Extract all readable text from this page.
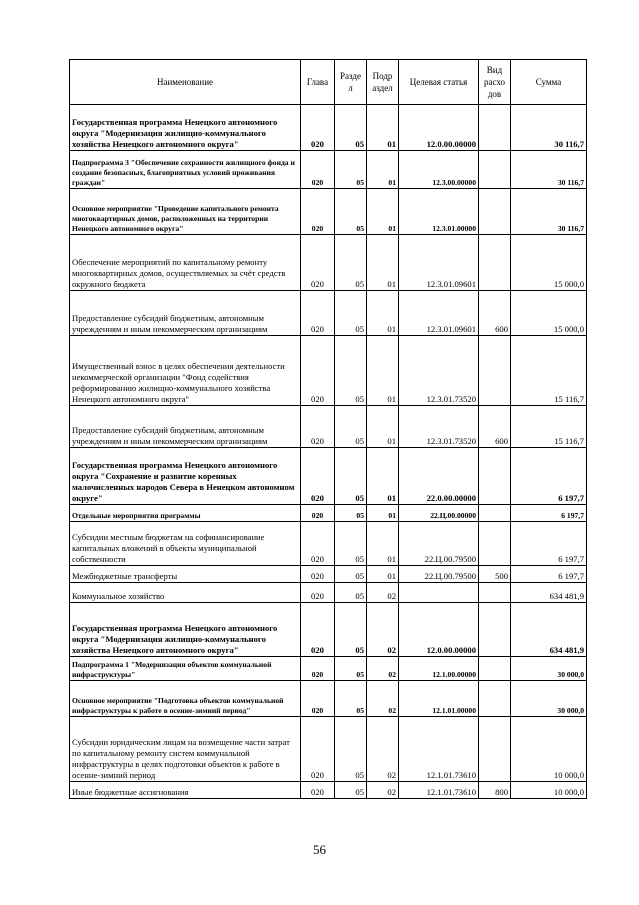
Наименование	Глава	Разде л	Подр аздел	Целевая статья	Вид расхо дов	Сумма
Государственная программа Ненецкого автономного округа "Модернизация жилищно-коммунального хозяйства Ненецкого автономного округа"	020	05	01	12.0.00.00000		30 116,7
Подпрограмма 3 "Обеспечение сохранности жилищного фонда и создание безопасных, благоприятных условий проживания граждан"	020	05	01	12.3.00.00000		30 116,7
Основное мероприятие "Проведение капитального ремонта многоквартирных домов, расположенных на территории Ненецкого автономного округа"	020	05	01	12.3.01.00000		30 116,7
Обеспечение мероприятий по капитальному ремонту многоквартирных домов, осуществляемых за счёт средств окружного бюджета	020	05	01	12.3.01.09601		15 000,0
Предоставление субсидий бюджетным, автономным учреждениям и иным некоммерческим организациям	020	05	01	12.3.01.09601	600	15 000,0
Имущественный взнос в целях обеспечения деятельности некоммерческой организации "Фонд содействия реформированию жилищно-коммунального хозяйства Ненецкого автономного округа"	020	05	01	12.3.01.73520		15 116,7
Предоставление субсидий бюджетным, автономным учреждениям и иным некоммерческим организациям	020	05	01	12.3.01.73520	600	15 116,7
Государственная программа Ненецкого автономного округа "Сохранение и развитие коренных малочисленных народов Севера в Ненецком автономном округе"	020	05	01	22.0.00.00000		6 197,7
Отдельные мероприятия программы	020	05	01	22.Ц.00.00000		6 197,7
Субсидии местным бюджетам на софинансирование капитальных вложений в объекты муниципальной собственности	020	05	01	22.Ц.00.79500		6 197,7
Межбюджетные трансферты	020	05	01	22.Ц.00.79500	500	6 197,7
Коммунальное хозяйство	020	05	02			634 481,9
Государственная программа Ненецкого автономного округа "Модернизация жилищно-коммунального хозяйства Ненецкого автономного округа"	020	05	02	12.0.00.00000		634 481,9
Подпрограмма 1 "Модернизация объектов коммунальной инфраструктуры"	020	05	02	12.1.00.00000		30 000,0
Основное мероприятие "Подготовка объектов коммунальной инфраструктуры к работе в осенне-зимний период"	020	05	02	12.1.01.00000		30 000,0
Субсидии юридическим лицам на возмещение части затрат по капитальному ремонту систем коммунальной инфраструктуры в целях подготовки объектов к работе в осенне-зимний период	020	05	02	12.1.01.73610		10 000,0
Иные бюджетные ассигнования	020	05	02	12.1.01.73610	800	10 000,0
56
